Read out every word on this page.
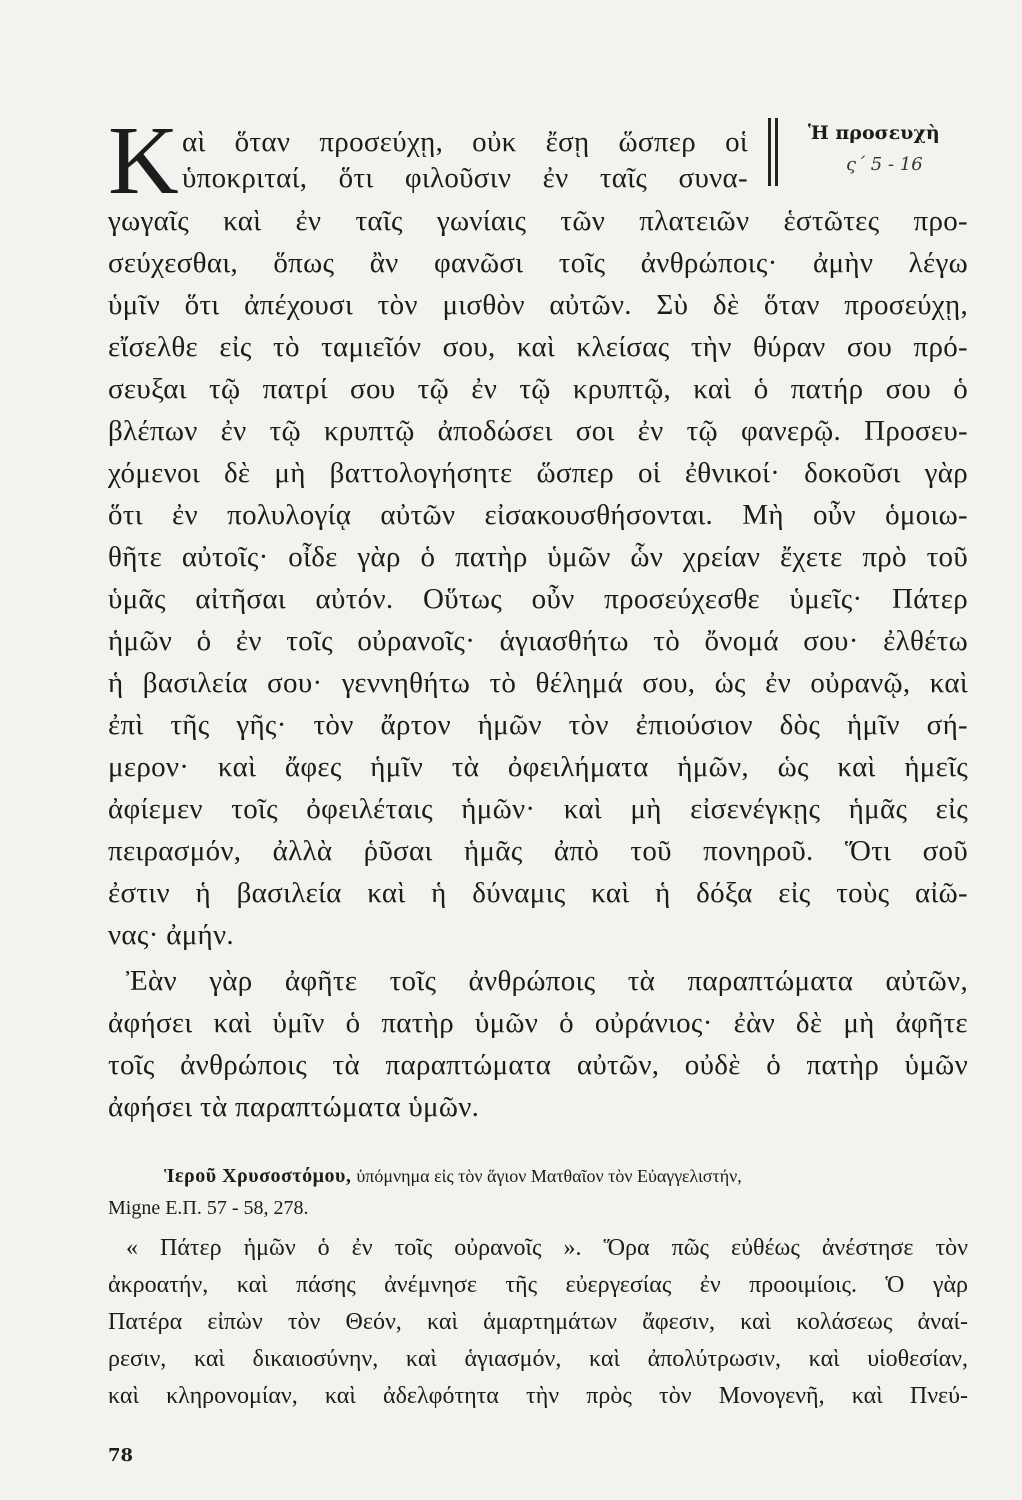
K αὶ ὅταν προσεύχῃ, οὐκ ἔσῃ ὥσπερ οἱ
ὑποκριταί, ὅτι φιλοῦσιν ἐν ταῖς συνα-
Ἡ προσευχὴ
ς΄ 5 - 16
γωγαῖς καὶ ἐν ταῖς γωνίαις τῶν πλατειῶν ἑστῶτες προ-
σεύχεσθαι, ὅπως ἂν φανῶσι τοῖς ἀνθρώποις· ἀμὴν λέγω
ὑμῖν ὅτι ἀπέχουσι τὸν μισθὸν αὐτῶν. Σὺ δὲ ὅταν προσεύχῃ,
εἴσελθε εἰς τὸ ταμιεῖόν σου, καὶ κλείσας τὴν θύραν σου πρό-
σευξαι τῷ πατρί σου τῷ ἐν τῷ κρυπτῷ, καὶ ὁ πατήρ σου ὁ
βλέπων ἐν τῷ κρυπτῷ ἀποδώσει σοι ἐν τῷ φανερῷ. Προσευ-
χόμενοι δὲ μὴ βαττολογήσητε ὥσπερ οἱ ἐθνικοί· δοκοῦσι γὰρ
ὅτι ἐν πολυλογίᾳ αὐτῶν εἰσακουσθήσονται. Μὴ οὖν ὁμοιω-
θῆτε αὐτοῖς· οἶδε γὰρ ὁ πατὴρ ὑμῶν ὧν χρείαν ἔχετε πρὸ τοῦ
ὑμᾶς αἰτῆσαι αὐτόν. Οὕτως οὖν προσεύχεσθε ὑμεῖς· Πάτερ
ἡμῶν ὁ ἐν τοῖς οὐρανοῖς· ἁγιασθήτω τὸ ὄνομά σου· ἐλθέτω
ἡ βασιλεία σου· γεννηθήτω τὸ θέλημά σου, ὡς ἐν οὐρανῷ, καὶ
ἐπὶ τῆς γῆς· τὸν ἄρτον ἡμῶν τὸν ἐπιούσιον δὸς ἡμῖν σή-
μερον· καὶ ἄφες ἡμῖν τὰ ὀφειλήματα ἡμῶν, ὡς καὶ ἡμεῖς
ἀφίεμεν τοῖς ὀφειλέταις ἡμῶν· καὶ μὴ εἰσενέγκῃς ἡμᾶς εἰς
πειρασμόν, ἀλλὰ ῥῦσαι ἡμᾶς ἀπὸ τοῦ πονηροῦ. Ὅτι σοῦ
ἐστιν ἡ βασιλεία καὶ ἡ δύναμις καὶ ἡ δόξα εἰς τοὺς αἰῶ-
νας· ἀμήν.
Ἐὰν γὰρ ἀφῆτε τοῖς ἀνθρώποις τὰ παραπτώματα αὐτῶν,
ἀφήσει καὶ ὑμῖν ὁ πατὴρ ὑμῶν ὁ οὐράνιος· ἐὰν δὲ μὴ ἀφῆτε
τοῖς ἀνθρώποις τὰ παραπτώματα αὐτῶν, οὐδὲ ὁ πατὴρ ὑμῶν
ἀφήσει τὰ παραπτώματα ὑμῶν.
Ἱεροῦ Χρυσοστόμου, ὑπόμνημα εἰς τὸν ἅγιον Ματθαῖον τὸν Εὐαγγελιστήν,
Migne Ε.Π. 57 - 58, 278.
« Πάτερ ἡμῶν ὁ ἐν τοῖς οὐρανοῖς ». Ὅρα πῶς εὐθέως ἀνέστησε τὸν
ἀκροατήν, καὶ πάσης ἀνέμνησε τῆς εὐεργεσίας ἐν προοιμίοις. Ὁ γὰρ
Πατέρα εἰπὼν τὸν Θεόν, καὶ ἁμαρτημάτων ἄφεσιν, καὶ κολάσεως ἀναί-
ρεσιν, καὶ δικαιοσύνην, καὶ ἁγιασμόν, καὶ ἀπολύτρωσιν, καὶ υἱοθεσίαν,
καὶ κληρονομίαν, καὶ ἀδελφότητα τὴν πρὸς τὸν Μονογενῆ, καὶ Πνεύ-
78
